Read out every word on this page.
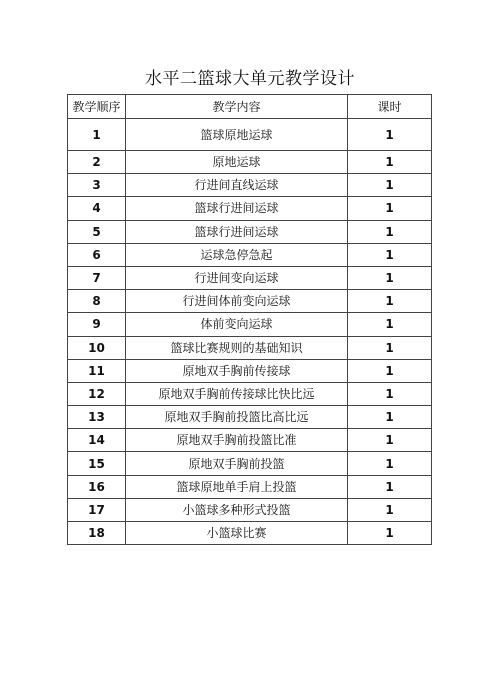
水平二篮球大单元教学设计
教学顺序	教学内容	课时
1	篮球原地运球	1
2	原地运球	1
3	行进间直线运球	1
4	篮球行进间运球	1
5	篮球行进间运球	1
6	运球急停急起	1
7	行进间变向运球	1
8	行进间体前变向运球	1
9	体前变向运球	1
10	篮球比赛规则的基础知识	1
11	原地双手胸前传接球	1
12	原地双手胸前传接球比快比远	1
13	原地双手胸前投篮比高比远	1
14	原地双手胸前投篮比准	1
15	原地双手胸前投篮	1
16	篮球原地单手肩上投篮	1
17	小篮球多种形式投篮	1
18	小篮球比赛	1
